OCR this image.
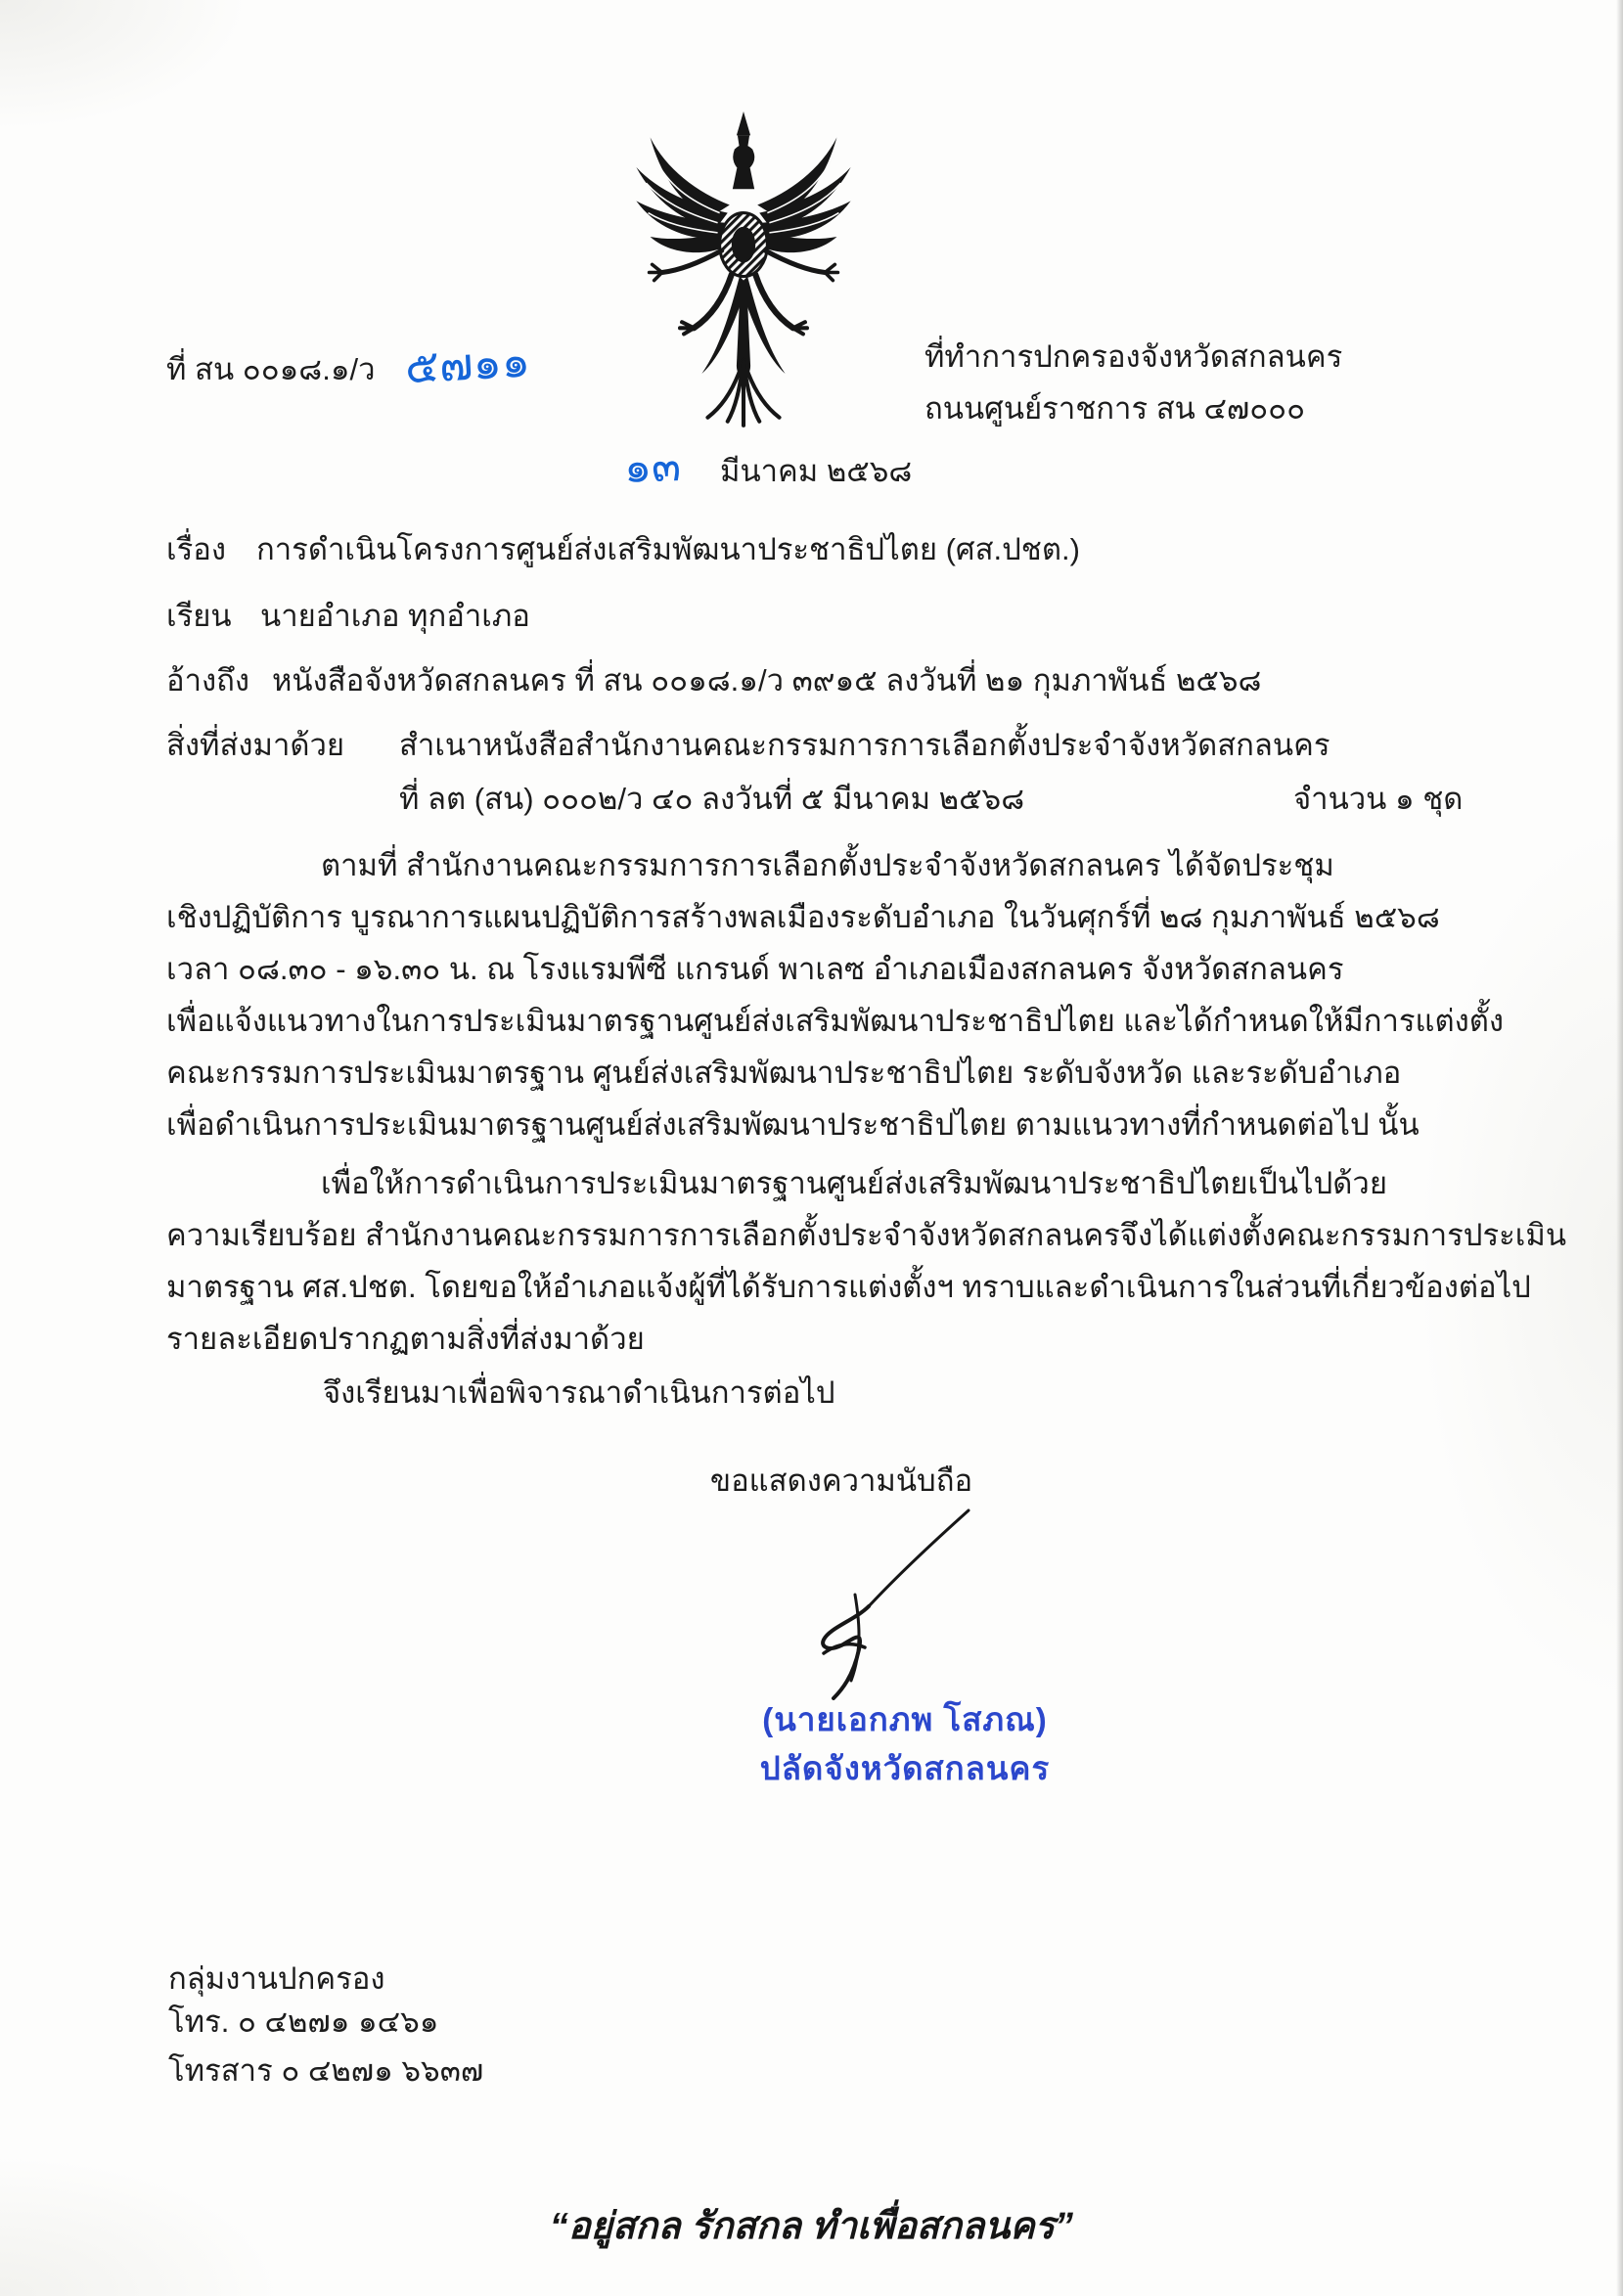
ที่ สน ๐๐๑๘.๑/ว ๕๗๑๑	ที่ทำการปกครองจังหวัดสกลนคร
ถนนศูนย์ราชการ สน ๔๗๐๐๐
๑๓ มีนาคม ๒๕๖๘
เรื่อง การดำเนินโครงการศูนย์ส่งเสริมพัฒนาประชาธิปไตย (ศส.ปชต.)
เรียน นายอำเภอ ทุกอำเภอ
อ้างถึง หนังสือจังหวัดสกลนคร ที่ สน ๐๐๑๘.๑/ว ๓๙๑๕ ลงวันที่ ๒๑ กุมภาพันธ์ ๒๕๖๘
สิ่งที่ส่งมาด้วย สำเนาหนังสือสำนักงานคณะกรรมการการเลือกตั้งประจำจังหวัดสกลนคร
ที่ ลต (สน) ๐๐๐๒/ว ๔๐ ลงวันที่ ๕ มีนาคม ๒๕๖๘	จำนวน ๑ ชุด
ตามที่ สำนักงานคณะกรรมการการเลือกตั้งประจำจังหวัดสกลนคร ได้จัดประชุม
เชิงปฏิบัติการ บูรณาการแผนปฏิบัติการสร้างพลเมืองระดับอำเภอ ในวันศุกร์ที่ ๒๘ กุมภาพันธ์ ๒๕๖๘
เวลา ๐๘.๓๐ - ๑๖.๓๐ น. ณ โรงแรมพีซี แกรนด์ พาเลซ อำเภอเมืองสกลนคร จังหวัดสกลนคร
เพื่อแจ้งแนวทางในการประเมินมาตรฐานศูนย์ส่งเสริมพัฒนาประชาธิปไตย และได้กำหนดให้มีการแต่งตั้ง
คณะกรรมการประเมินมาตรฐาน ศูนย์ส่งเสริมพัฒนาประชาธิปไตย ระดับจังหวัด และระดับอำเภอ
เพื่อดำเนินการประเมินมาตรฐานศูนย์ส่งเสริมพัฒนาประชาธิปไตย ตามแนวทางที่กำหนดต่อไป นั้น
เพื่อให้การดำเนินการประเมินมาตรฐานศูนย์ส่งเสริมพัฒนาประชาธิปไตยเป็นไปด้วย
ความเรียบร้อย สำนักงานคณะกรรมการการเลือกตั้งประจำจังหวัดสกลนครจึงได้แต่งตั้งคณะกรรมการประเมิน
มาตรฐาน ศส.ปชต. โดยขอให้อำเภอแจ้งผู้ที่ได้รับการแต่งตั้งฯ ทราบและดำเนินการในส่วนที่เกี่ยวข้องต่อไป
รายละเอียดปรากฏตามสิ่งที่ส่งมาด้วย
จึงเรียนมาเพื่อพิจารณาดำเนินการต่อไป
ขอแสดงความนับถือ
(นายเอกภพ โสภณ)
ปลัดจังหวัดสกลนคร
กลุ่มงานปกครอง
โทร. ๐ ๔๒๗๑ ๑๔๖๑
โทรสาร ๐ ๔๒๗๑ ๖๖๓๗
“อยู่สกล รักสกล ทำเพื่อสกลนคร”
